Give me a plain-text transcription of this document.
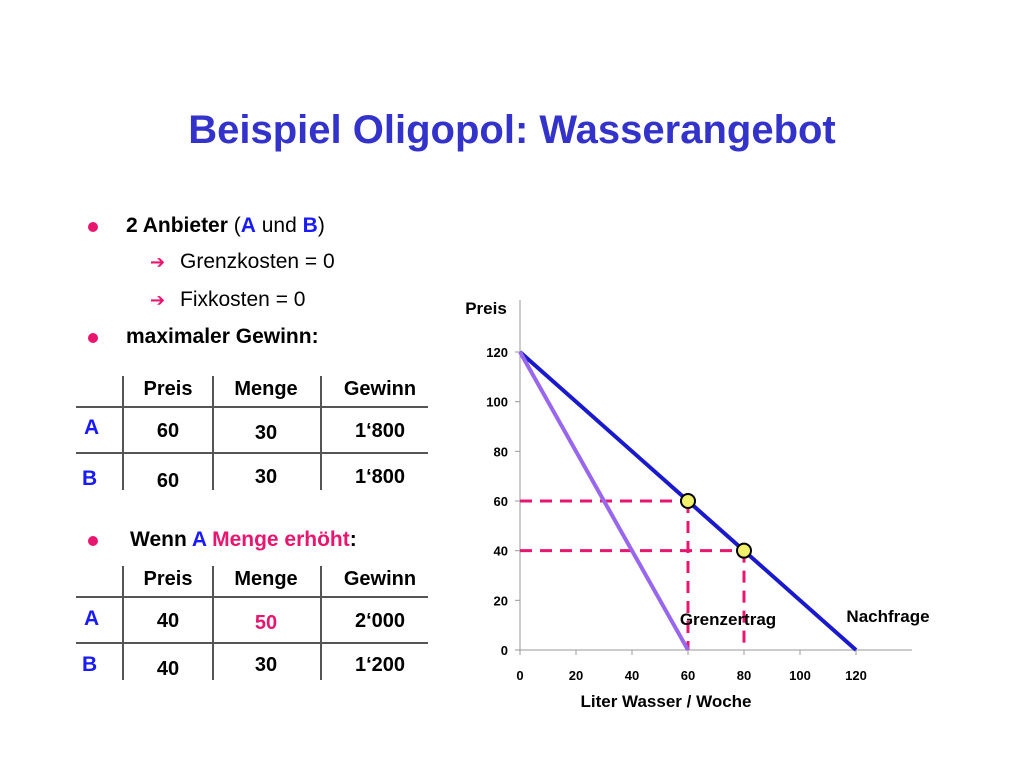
Beispiel Oligopol: Wasserangebot
2 Anbieter (A und B)
➔ Grenzkosten = 0
➔ Fixkosten = 0
maximaler Gewinn:
Preis	Menge	Gewinn
A	60	30	1‘800
B	60	30	1‘800
Wenn A Menge erhöht:
Preis	Menge	Gewinn
A	40	50	2‘000
B	40	30	1‘200
0
20
40
60
80
100
120
0	20	40	60	80	100	120
Preis
Liter Wasser / Woche
Nachfrage
Grenzertrag
